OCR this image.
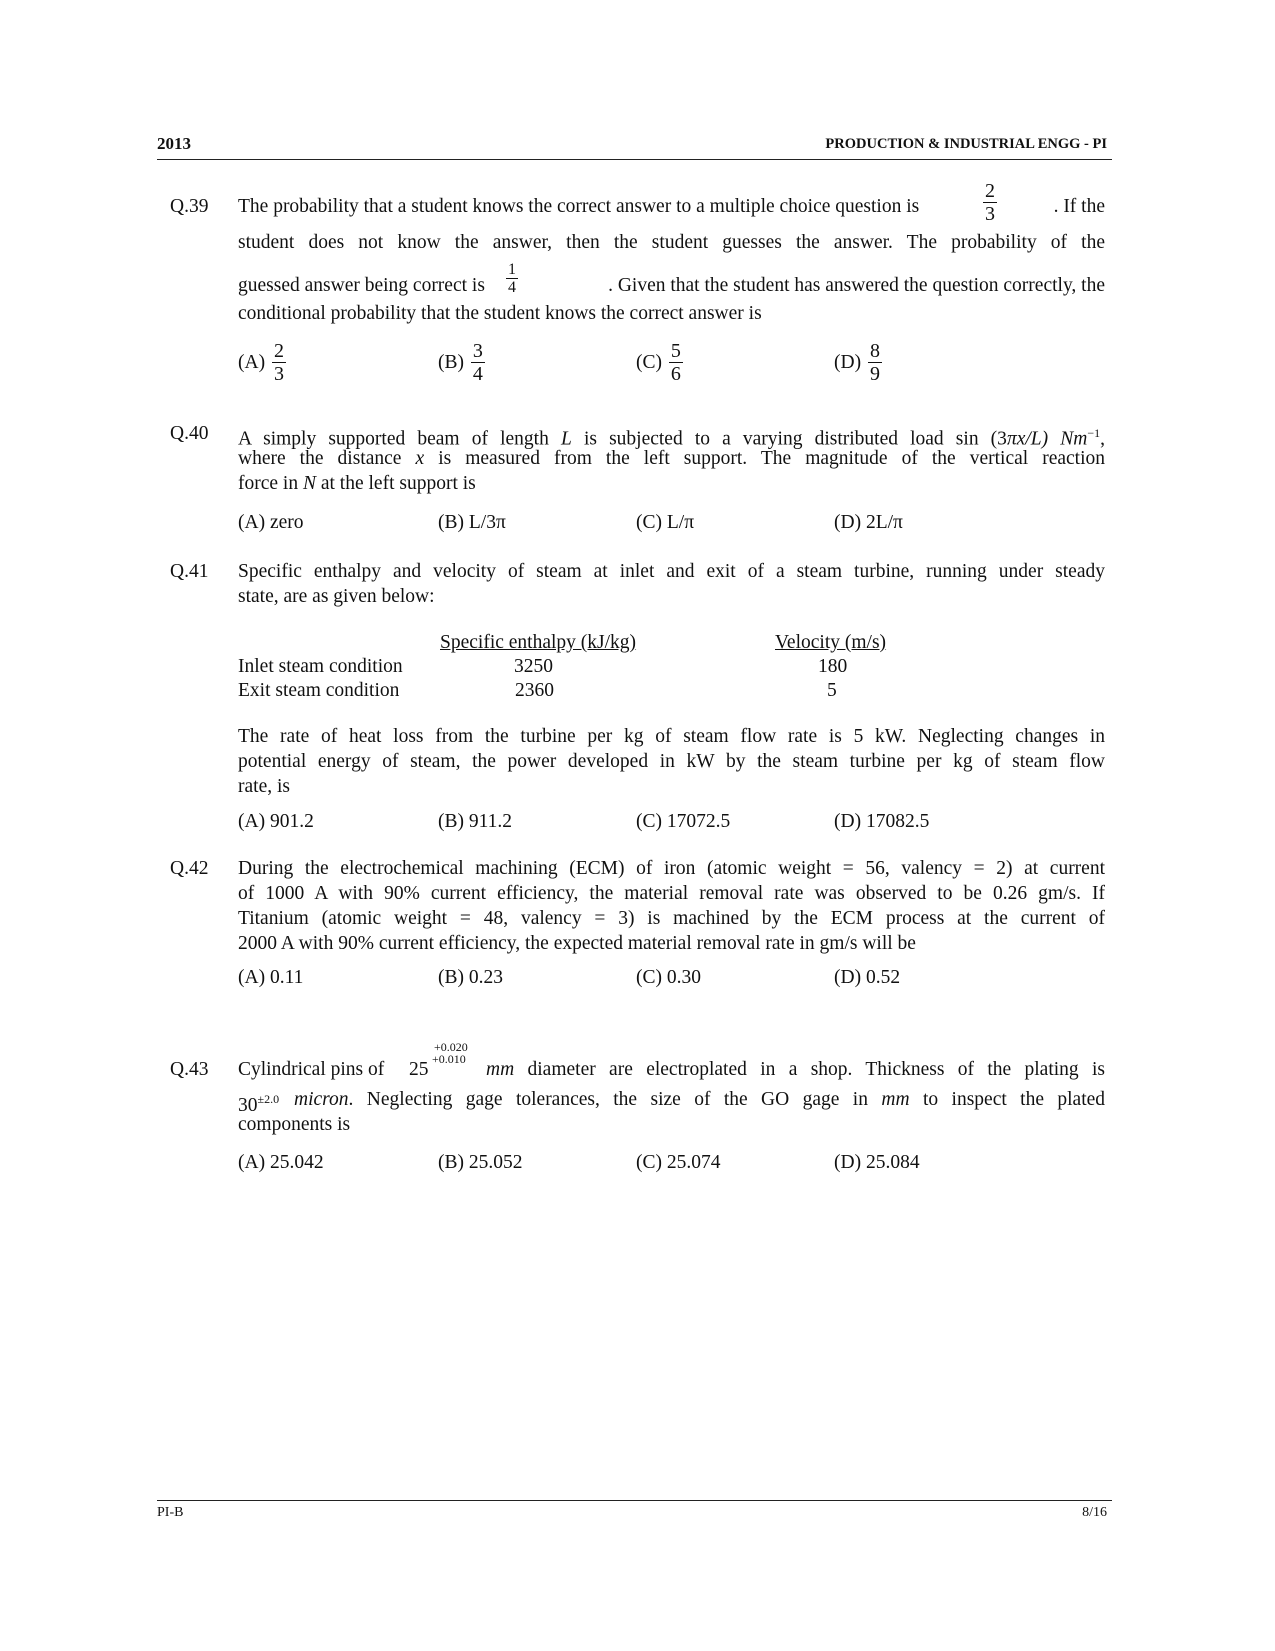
2013	PRODUCTION & INDUSTRIAL ENGG - PI
Q.39 The probability that a student knows the correct answer to a multiple choice question is	$\frac{2}{3}$	. If the
student does not know the answer, then the student guesses the answer. The probability of the
guessed answer being correct is $\frac{1}{4}$	. Given that the student has answered the question correctly, the
conditional probability that the student knows the correct answer is
$(A) \frac{2}{3}$	$(B) \frac{3}{4}$	$(C) \frac{5}{6}$	$(D) \frac{8}{9}$
Q.40 A simply supported beam of length L is subjected to a varying distributed load sin (3πx/L) $Nm^{-1}$,
where the distance x is measured from the left support. The magnitude of the vertical reaction
force in N at the left support is
(A) zero	(B) L/3π	(C) L/π	(D) 2L/π
Q.41 Specific enthalpy and velocity of steam at inlet and exit of a steam turbine, running under steady
state, are as given below:
Specific enthalpy (kJ/kg)	Velocity (m/s)
Inlet steam condition	3250	180
Exit steam condition	2360	5
The rate of heat loss from the turbine per kg of steam flow rate is 5 kW. Neglecting changes in
potential energy of steam, the power developed in kW by the steam turbine per kg of steam flow
rate, is
(A) 901.2	(B) 911.2	(C) 17072.5	(D) 17082.5
Q.42 During the electrochemical machining (ECM) of iron (atomic weight = 56, valency = 2) at current
of 1000 A with 90% current efficiency, the material removal rate was observed to be 0.26 gm/s. If
Titanium (atomic weight = 48, valency = 3) is machined by the ECM process at the current of
2000 A with 90% current efficiency, the expected material removal rate in gm/s will be
(A) 0.11	(B) 0.23	(C) 0.30	(D) 0.52
Q.43 Cylindrical pins of 25
+0.020
+0.010 mm diameter are electroplated in a shop. Thickness of the plating is
$30^{\pm 2.0}$ micron. Neglecting gage tolerances, the size of the GO gage in mm to inspect the plated
components is
(A) 25.042	(B) 25.052	(C) 25.074	(D) 25.084
PI-B	8/16
